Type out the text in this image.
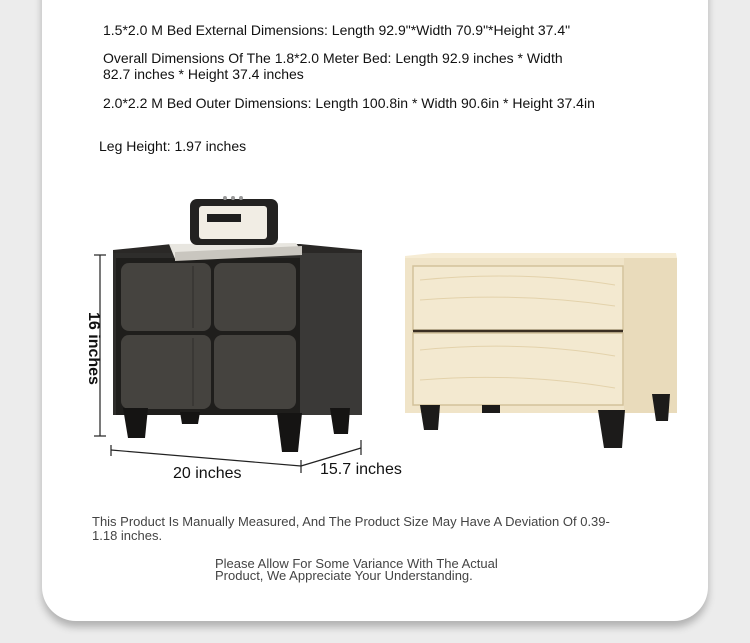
1.5*2.0 M Bed External Dimensions: Length 92.9"*Width 70.9"*Height 37.4"
Overall Dimensions Of The 1.8*2.0 Meter Bed: Length 92.9 inches * Width 82.7 inches * Height 37.4 inches
2.0*2.2 M Bed Outer Dimensions: Length 100.8in * Width 90.6in * Height 37.4in
Leg Height: 1.97 inches
16 inches
20 inches	15.7 inches
This Product Is Manually Measured, And The Product Size May Have A Deviation Of 0.39-1.18 inches.
Please Allow For Some Variance With The Actual Product, We Appreciate Your Understanding.
